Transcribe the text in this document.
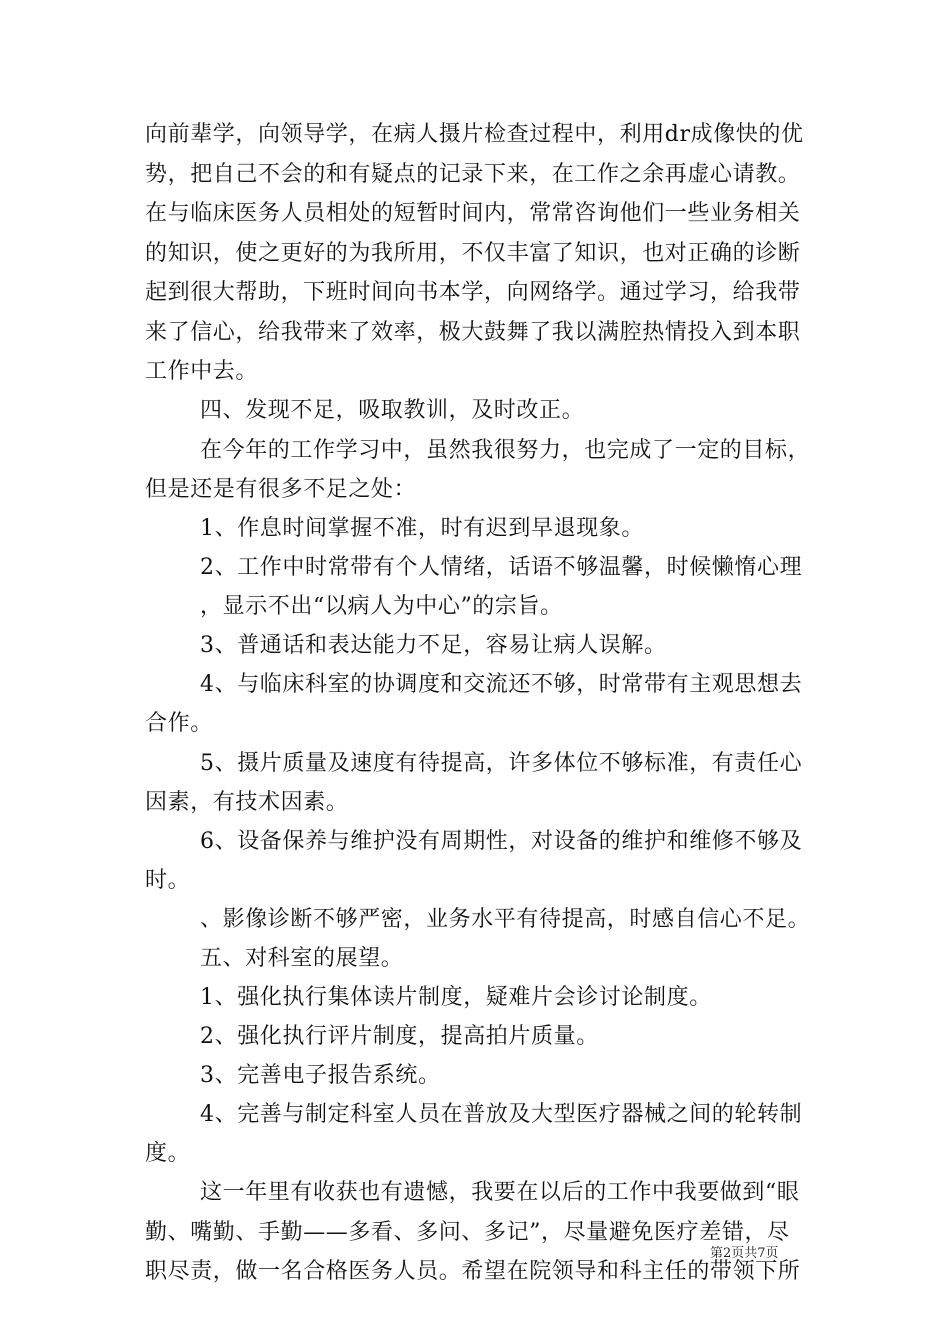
向前辈学，向领导学，在病人摄片检查过程中，利用dr成像快的优
势，把自己不会的和有疑点的记录下来，在工作之余再虚心请教。
在与临床医务人员相处的短暂时间内，常常咨询他们一些业务相关
的知识，使之更好的为我所用，不仅丰富了知识，也对正确的诊断
起到很大帮助，下班时间向书本学，向网络学。通过学习，给我带
来了信心，给我带来了效率，极大鼓舞了我以满腔热情投入到本职
工作中去。
四、发现不足，吸取教训，及时改正。
在今年的工作学习中，虽然我很努力，也完成了一定的目标，
但是还是有很多不足之处：
1、作息时间掌握不准，时有迟到早退现象。
2、工作中时常带有个人情绪，话语不够温馨，时候懒惰心理
，显示不出“以病人为中心”的宗旨。
3、普通话和表达能力不足，容易让病人误解。
4、与临床科室的协调度和交流还不够，时常带有主观思想去
合作。
5、摄片质量及速度有待提高，许多体位不够标准，有责任心
因素，有技术因素。
6、设备保养与维护没有周期性，对设备的维护和维修不够及
时。
、影像诊断不够严密，业务水平有待提高，时感自信心不足。
五、对科室的展望。
1、强化执行集体读片制度，疑难片会诊讨论制度。
2、强化执行评片制度，提高拍片质量。
3、完善电子报告系统。
4、完善与制定科室人员在普放及大型医疗器械之间的轮转制
度。
这一年里有收获也有遗憾，我要在以后的工作中我要做到“眼
勤、嘴勤、手勤——多看、多问、多记”，尽量避免医疗差错，尽
职尽责，做一名合格医务人员。希望在院领导和科主任的带领下所
第2页共7页
